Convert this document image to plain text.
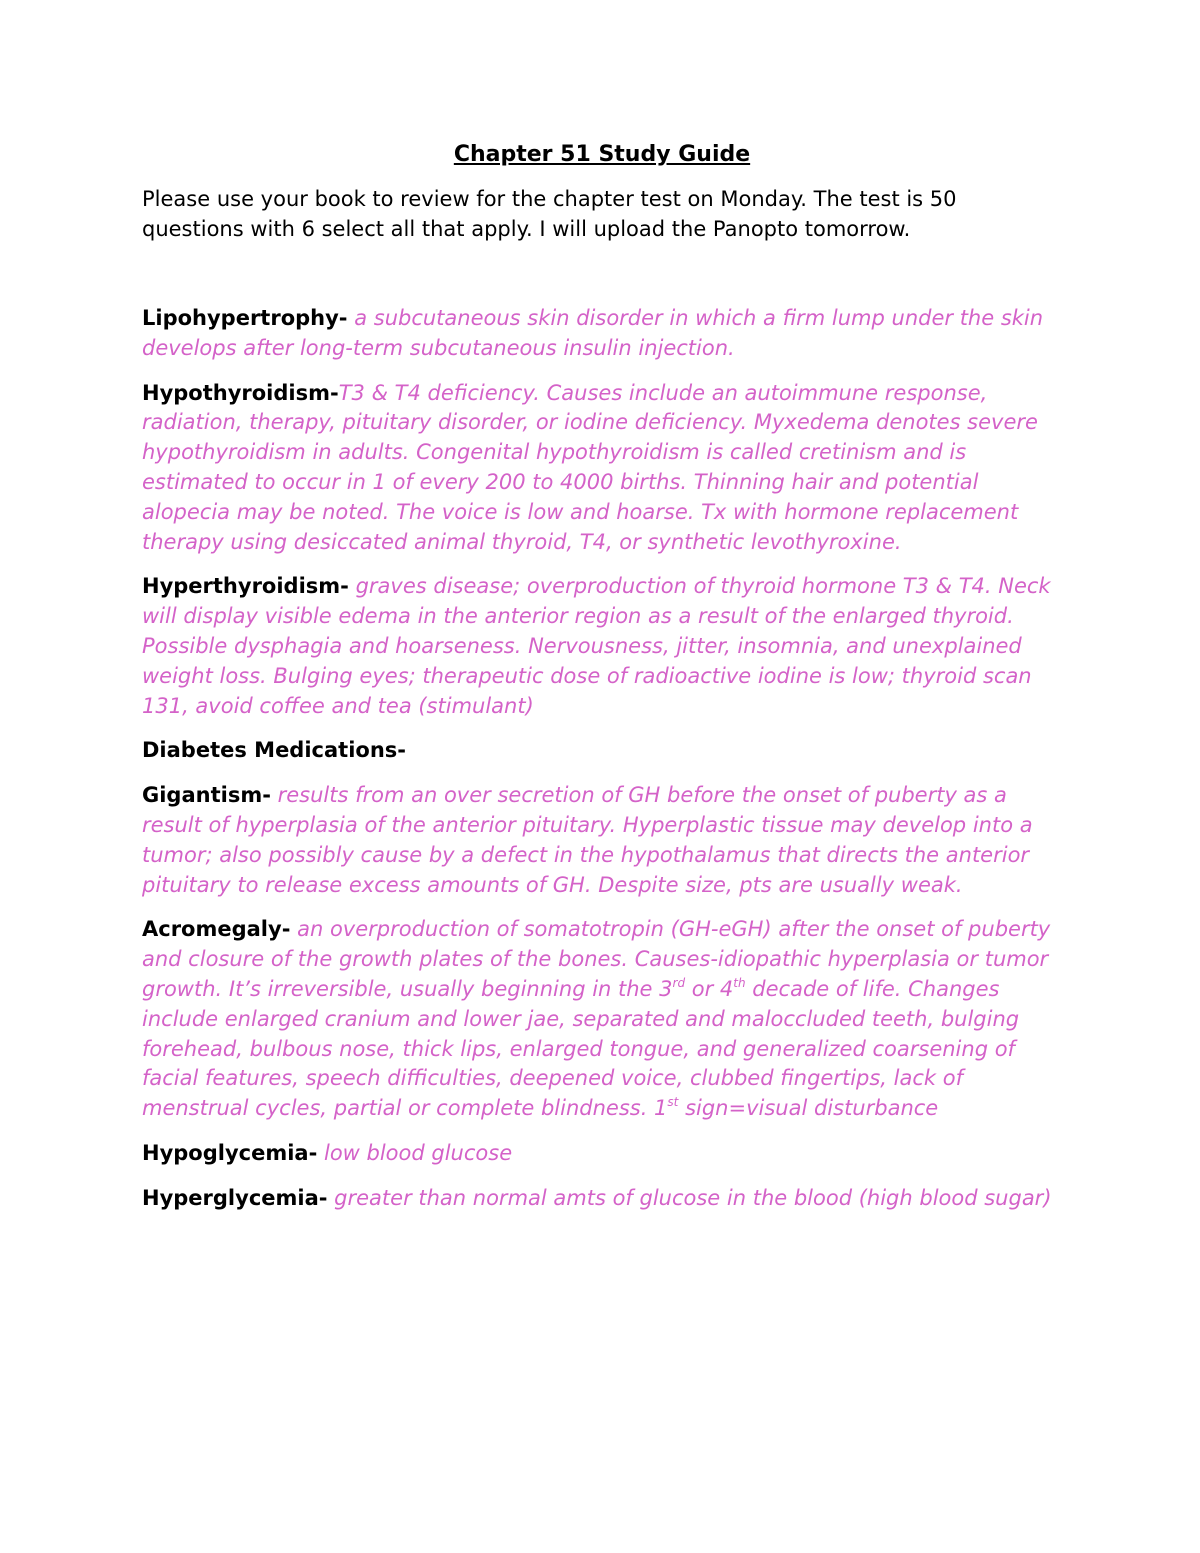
Chapter 51 Study Guide

Please use your book to review for the chapter test on Monday. The test is 50 questions with 6 select all that apply. I will upload the Panopto tomorrow.

Lipohypertrophy- a subcutaneous skin disorder in which a firm lump under the skin develops after long-term subcutaneous insulin injection.

Hypothyroidism-T3 & T4 deficiency. Causes include an autoimmune response, radiation, therapy, pituitary disorder, or iodine deficiency. Myxedema denotes severe hypothyroidism in adults. Congenital hypothyroidism is called cretinism and is estimated to occur in 1 of every 200 to 4000 births. Thinning hair and potential alopecia may be noted. The voice is low and hoarse. Tx with hormone replacement therapy using desiccated animal thyroid, T4, or synthetic levothyroxine.

Hyperthyroidism- graves disease; overproduction of thyroid hormone T3 & T4. Neck will display visible edema in the anterior region as a result of the enlarged thyroid. Possible dysphagia and hoarseness. Nervousness, jitter, insomnia, and unexplained weight loss. Bulging eyes; therapeutic dose of radioactive iodine is low; thyroid scan 131, avoid coffee and tea (stimulant)

Diabetes Medications-

Gigantism- results from an over secretion of GH before the onset of puberty as a result of hyperplasia of the anterior pituitary. Hyperplastic tissue may develop into a tumor; also possibly cause by a defect in the hypothalamus that directs the anterior pituitary to release excess amounts of GH. Despite size, pts are usually weak.

Acromegaly- an overproduction of somatotropin (GH-eGH) after the onset of puberty and closure of the growth plates of the bones. Causes-idiopathic hyperplasia or tumor growth. It’s irreversible, usually beginning in the 3rd or 4th decade of life. Changes include enlarged cranium and lower jae, separated and maloccluded teeth, bulging forehead, bulbous nose, thick lips, enlarged tongue, and generalized coarsening of facial features, speech difficulties, deepened voice, clubbed fingertips, lack of menstrual cycles, partial or complete blindness. 1st sign=visual disturbance

Hypoglycemia- low blood glucose

Hyperglycemia- greater than normal amts of glucose in the blood (high blood sugar)
